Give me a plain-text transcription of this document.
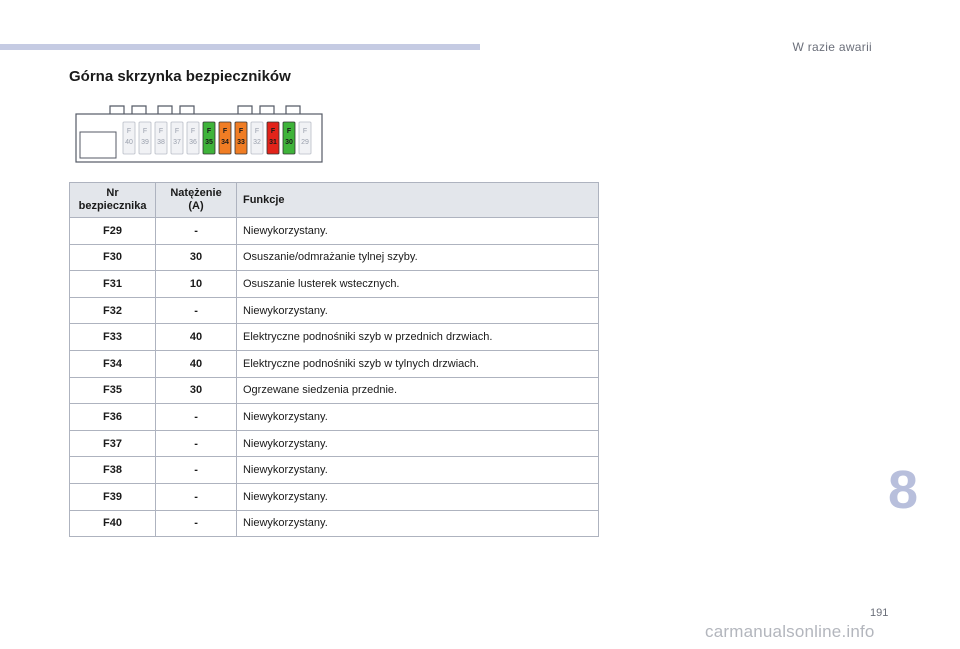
W razie awarii
Górna skrzynka bezpieczników
F
40
F
39
F
38
F
37
F
36
F
35
F
34
F
33
F
32
F
31
F
30
F
29
Nr bezpiecznika	Natężenie (A)	Funkcje
F29	-	Niewykorzystany.
F30	30	Osuszanie/odmrażanie tylnej szyby.
F31	10	Osuszanie lusterek wstecznych.
F32	-	Niewykorzystany.
F33	40	Elektryczne podnośniki szyb w przednich drzwiach.
F34	40	Elektryczne podnośniki szyb w tylnych drzwiach.
F35	30	Ogrzewane siedzenia przednie.
F36	-	Niewykorzystany.
F37	-	Niewykorzystany.
F38	-	Niewykorzystany.
F39	-	Niewykorzystany.
F40	-	Niewykorzystany.
8
191
carmanualsonline.info
